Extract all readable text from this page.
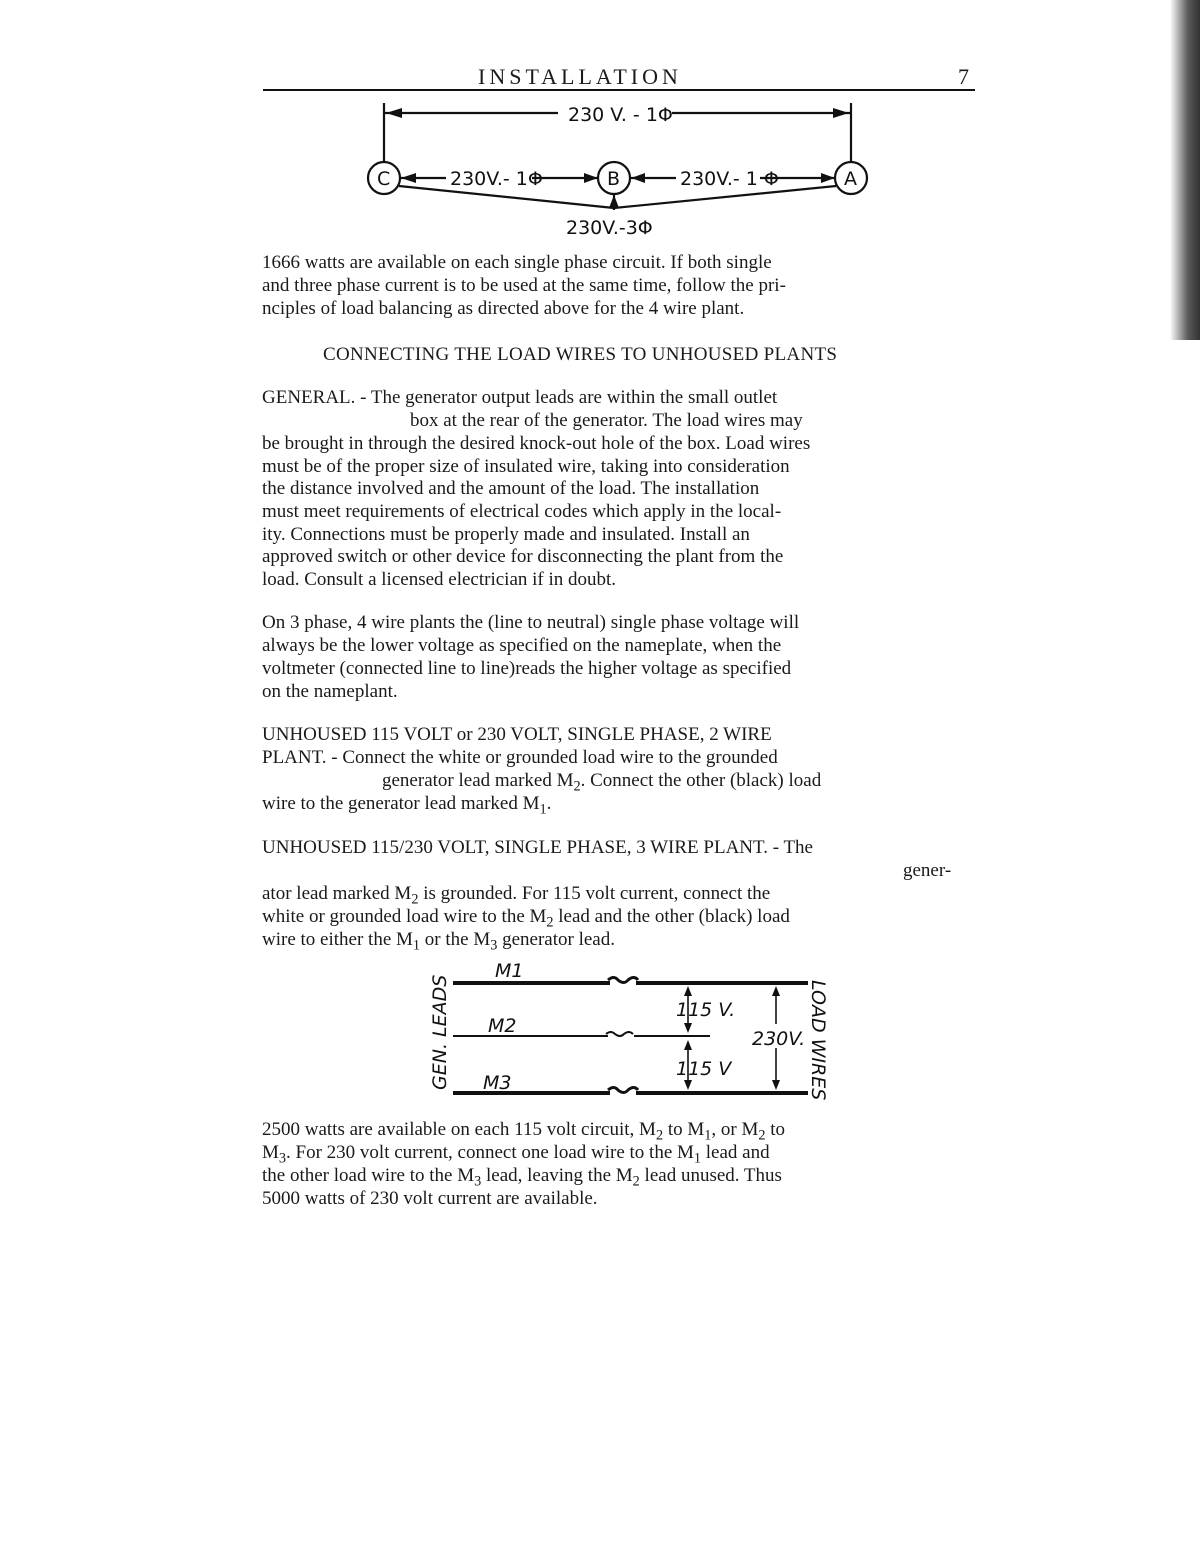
INSTALLATION	7
230 V. - 1Φ
230V.- 1Φ	230V.- 1 Φ
230V.-3Φ
C	B	A
1666 watts are available on each single phase circuit. If both single
and three phase current is to be used at the same time, follow the pri-
nciples of load balancing as directed above for the 4 wire plant.
CONNECTING THE LOAD WIRES TO UNHOUSED PLANTS
GENERAL. - The generator output leads are within the small outlet
box at the rear of the generator. The load wires may
be brought in through the desired knock-out hole of the box. Load wires
must be of the proper size of insulated wire, taking into consideration
the distance involved and the amount of the load. The installation
must meet requirements of electrical codes which apply in the local-
ity. Connections must be properly made and insulated. Install an
approved switch or other device for disconnecting the plant from the
load. Consult a licensed electrician if in doubt.
On 3 phase, 4 wire plants the (line to neutral) single phase voltage will
always be the lower voltage as specified on the nameplate, when the
voltmeter (connected line to line)reads the higher voltage as specified
on the nameplant.
UNHOUSED 115 VOLT or 230 VOLT, SINGLE PHASE, 2 WIRE
PLANT. - Connect the white or grounded load wire to the grounded
generator lead marked $M_2$. Connect the other (black) load
wire to the generator lead marked $M_1$.
UNHOUSED 115/230 VOLT, SINGLE PHASE, 3 WIRE PLANT. - The
gener-
ator lead marked $M_2$ is grounded. For 115 volt current, connect the
white or grounded load wire to the $M_2$ lead and the other (black) load
wire to either the $M_1$ or the $M_3$ generator lead.
M1
M2
M3
115 V.
115 V
230V.
GEN. LEADS	LOAD WIRES
2500 watts are available on each 115 volt circuit, $M_2$ to $M_1$, or $M_2$ to
$M_3$. For 230 volt current, connect one load wire to the $M_1$ lead and
the other load wire to the $M_3$ lead, leaving the $M_2$ lead unused. Thus
5000 watts of 230 volt current are available.
